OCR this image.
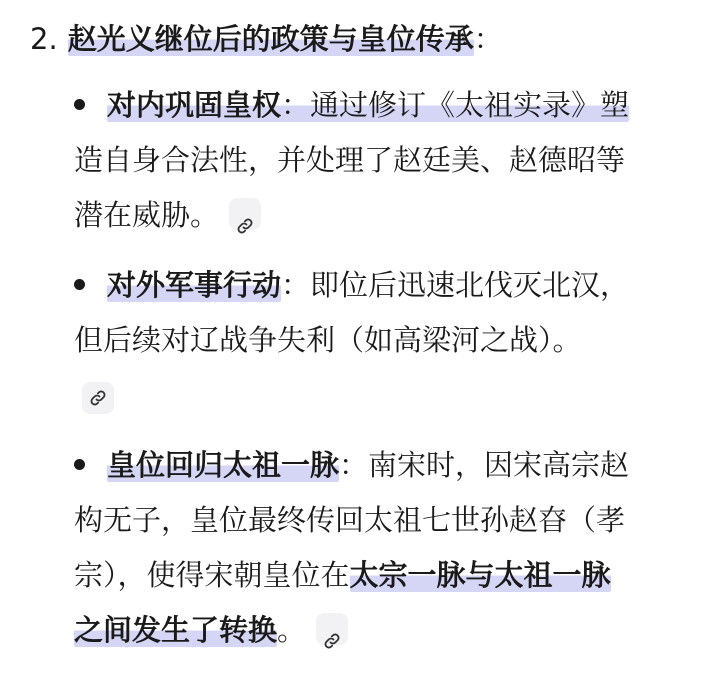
2. 赵光义继位后的政策与皇位传承：
对内巩固皇权：通过修订《太祖实录》塑
造自身合法性，并处理了赵廷美、赵德昭等
潜在威胁。
对外军事行动：即位后迅速北伐灭北汉，
但后续对辽战争失利（如高梁河之战）。
皇位回归太祖一脉：南宋时，因宋高宗赵
构无子，皇位最终传回太祖七世孙赵昚（孝
宗），使得宋朝皇位在太宗一脉与太祖一脉
之间发生了转换。
